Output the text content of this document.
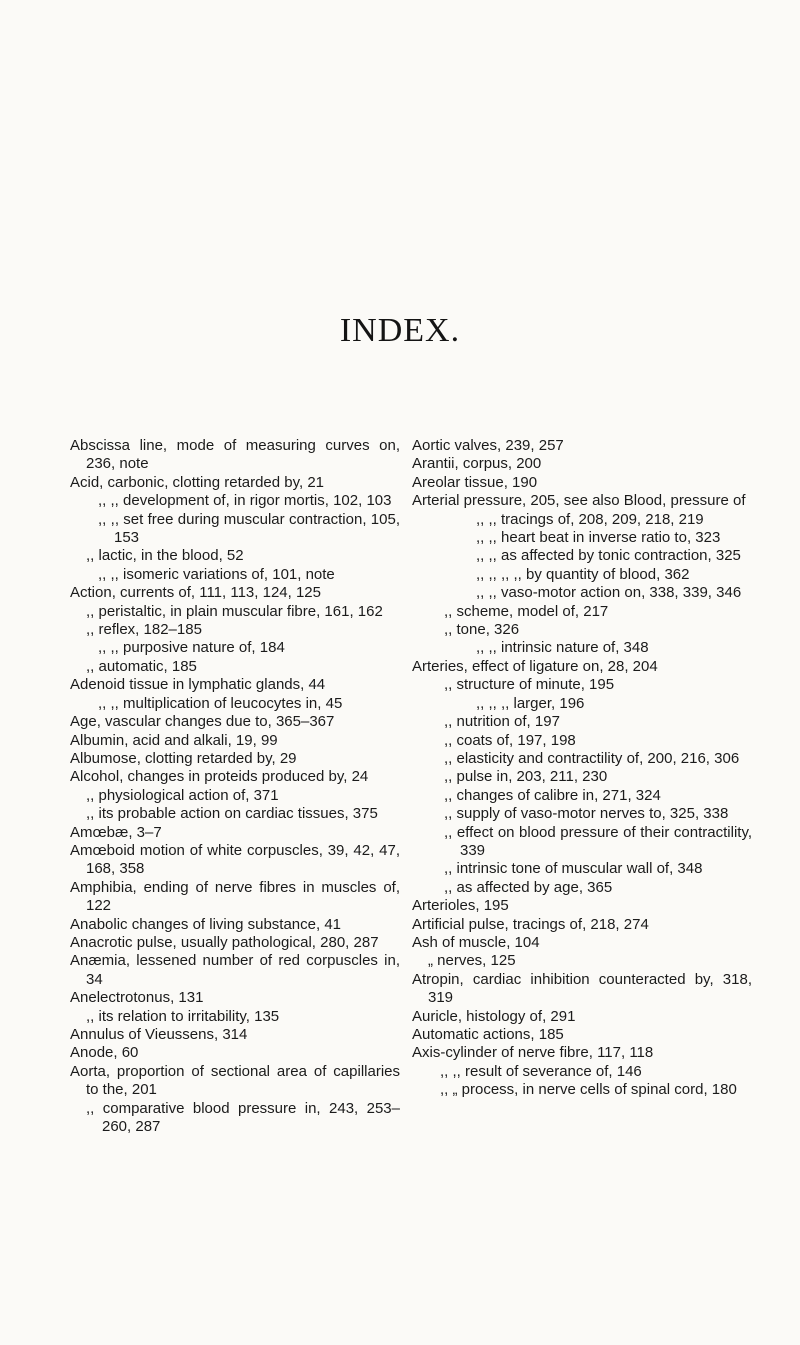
INDEX.
Abscissa line, mode of measuring curves on, 236, note
Acid, carbonic, clotting retarded by, 21
,, ,, development of, in rigor mortis, 102, 103
,, ,, set free during muscular contraction, 105, 153
,, lactic, in the blood, 52
,, ,, isomeric variations of, 101, note
Action, currents of, 111, 113, 124, 125
,, peristaltic, in plain muscular fibre, 161, 162
,, reflex, 182–185
,, ,, purposive nature of, 184
,, automatic, 185
Adenoid tissue in lymphatic glands, 44
,, ,, multiplication of leucocytes in, 45
Age, vascular changes due to, 365–367
Albumin, acid and alkali, 19, 99
Albumose, clotting retarded by, 29
Alcohol, changes in proteids produced by, 24
,, physiological action of, 371
,, its probable action on cardiac tissues, 375
Amœbæ, 3–7
Amœboid motion of white corpuscles, 39, 42, 47, 168, 358
Amphibia, ending of nerve fibres in muscles of, 122
Anabolic changes of living substance, 41
Anacrotic pulse, usually pathological, 280, 287
Anæmia, lessened number of red corpuscles in, 34
Anelectrotonus, 131
,, its relation to irritability, 135
Annulus of Vieussens, 314
Anode, 60
Aorta, proportion of sectional area of capillaries to the, 201
,, comparative blood pressure in, 243, 253–260, 287
Aortic valves, 239, 257
Arantii, corpus, 200
Areolar tissue, 190
Arterial pressure, 205, see also Blood, pressure of
,, ,, tracings of, 208, 209, 218, 219
,, ,, heart beat in inverse ratio to, 323
,, ,, as affected by tonic contraction, 325
,, ,, ,, ,, by quantity of blood, 362
,, ,, vaso-motor action on, 338, 339, 346
,, scheme, model of, 217
,, tone, 326
,, ,, intrinsic nature of, 348
Arteries, effect of ligature on, 28, 204
,, structure of minute, 195
,, ,, ,, larger, 196
,, nutrition of, 197
,, coats of, 197, 198
,, elasticity and contractility of, 200, 216, 306
,, pulse in, 203, 211, 230
,, changes of calibre in, 271, 324
,, supply of vaso-motor nerves to, 325, 338
,, effect on blood pressure of their contractility, 339
,, intrinsic tone of muscular wall of, 348
,, as affected by age, 365
Arterioles, 195
Artificial pulse, tracings of, 218, 274
Ash of muscle, 104
„ nerves, 125
Atropin, cardiac inhibition counteracted by, 318, 319
Auricle, histology of, 291
Automatic actions, 185
Axis-cylinder of nerve fibre, 117, 118
,, ,, result of severance of, 146
,, „ process, in nerve cells of spinal cord, 180
